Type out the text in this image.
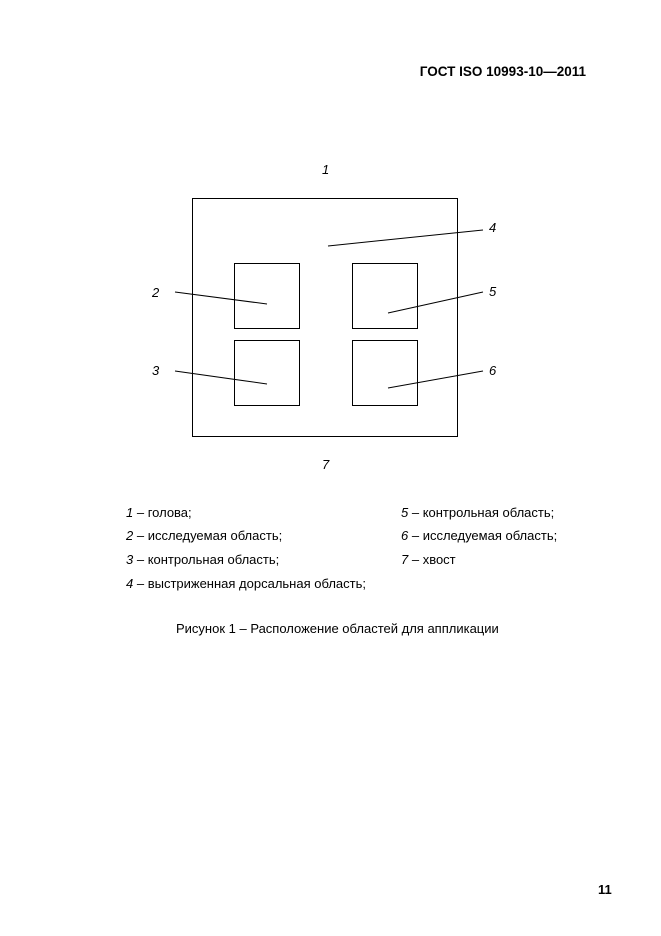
ГОСТ ISO 10993-10—2011
1
2
3
4
5
6
7
1 – голова;
2 – исследуемая область;
3 – контрольная область;
4 – выстриженная дорсальная область;
5 – контрольная область;
6 – исследуемая область;
7 – хвост
Рисунок 1 – Расположение областей для аппликации
11
